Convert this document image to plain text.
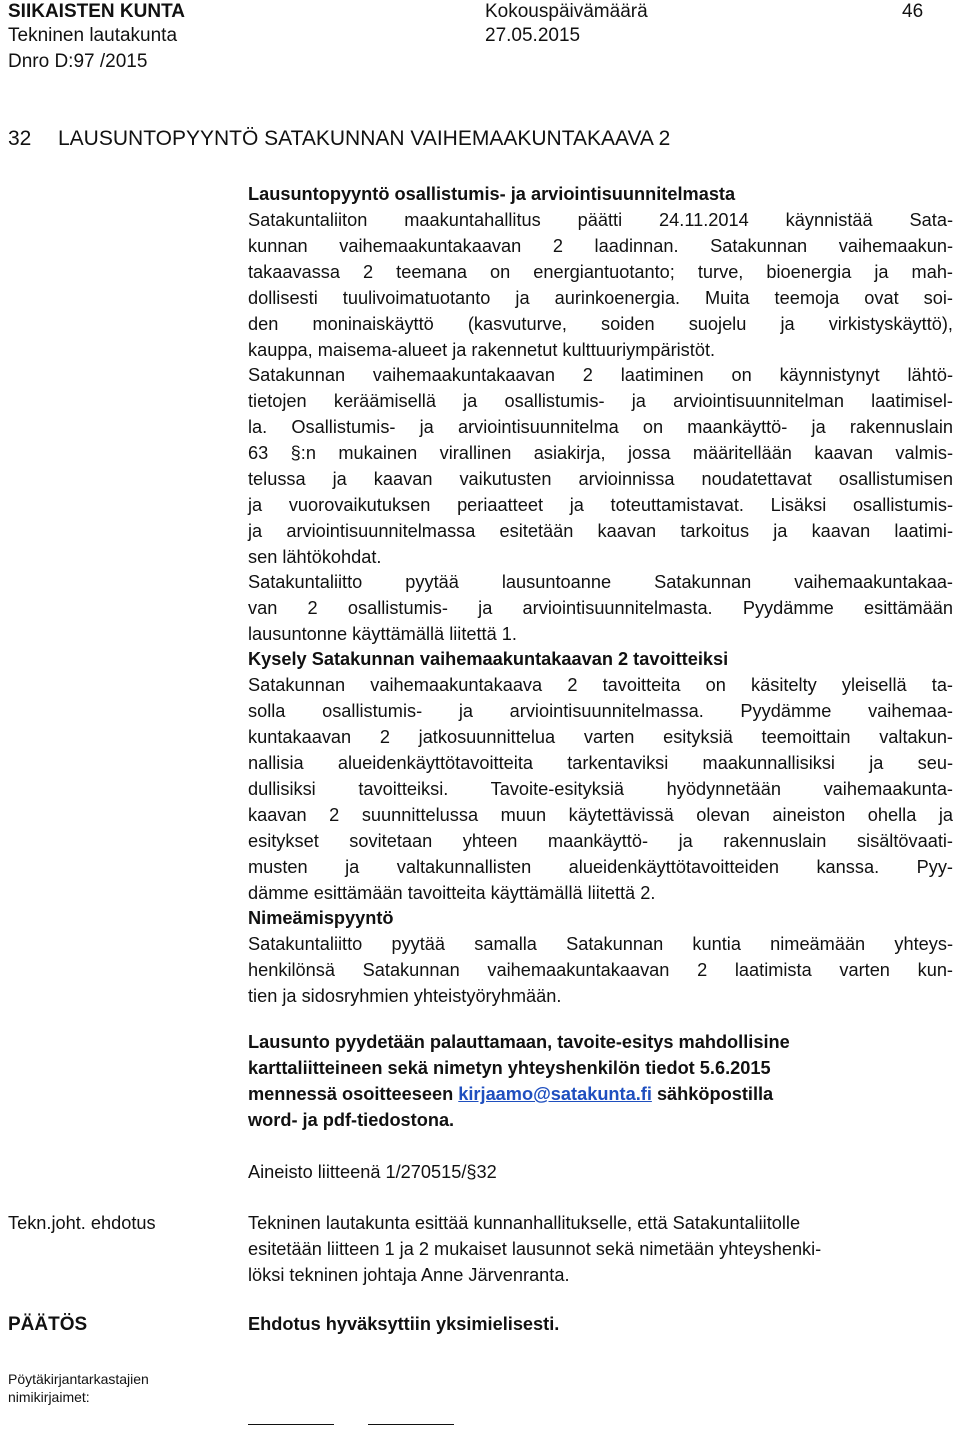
SIIKAISTEN KUNTA
Tekninen lautakunta
Kokouspäivämäärä
27.05.2015
46
Dnro D:97 /2015
32 LAUSUNTOPYYNTÖ SATAKUNNAN VAIHEMAAKUNTAKAAVA 2
Lausuntopyyntö osallistumis- ja arviointisuunnitelmasta
Satakuntaliiton maakuntahallitus päätti 24.11.2014 käynnistää Sata-
kunnan vaihemaakuntakaavan 2 laadinnan. Satakunnan vaihemaakun-
takaavassa 2 teemana on energiantuotanto; turve, bioenergia ja mah-
dollisesti tuulivoimatuotanto ja aurinkoenergia. Muita teemoja ovat soi-
den moninaiskäyttö (kasvuturve, soiden suojelu ja virkistyskäyttö),
kauppa, maisema-alueet ja rakennetut kulttuuriympäristöt.
Satakunnan vaihemaakuntakaavan 2 laatiminen on käynnistynyt lähtö-
tietojen keräämisellä ja osallistumis- ja arviointisuunnitelman laatimisel-
la. Osallistumis- ja arviointisuunnitelma on maankäyttö- ja rakennuslain
63 §:n mukainen virallinen asiakirja, jossa määritellään kaavan valmis-
telussa ja kaavan vaikutusten arvioinnissa noudatettavat osallistumisen
ja vuorovaikutuksen periaatteet ja toteuttamistavat. Lisäksi osallistumis-
ja arviointisuunnitelmassa esitetään kaavan tarkoitus ja kaavan laatimi-
sen lähtökohdat.
Satakuntaliitto pyytää lausuntoanne Satakunnan vaihemaakuntakaa-
van 2 osallistumis- ja arviointisuunnitelmasta. Pyydämme esittämään
lausuntonne käyttämällä liitettä 1.
Kysely Satakunnan vaihemaakuntakaavan 2 tavoitteiksi
Satakunnan vaihemaakuntakaava 2 tavoitteita on käsitelty yleisellä ta-
solla osallistumis- ja arviointisuunnitelmassa. Pyydämme vaihemaa-
kuntakaavan 2 jatkosuunnittelua varten esityksiä teemoittain valtakun-
nallisia alueidenkäyttötavoitteita tarkentaviksi maakunnallisiksi ja seu-
dullisiksi tavoitteiksi. Tavoite-esityksiä hyödynnetään vaihemaakunta-
kaavan 2 suunnittelussa muun käytettävissä olevan aineiston ohella ja
esitykset sovitetaan yhteen maankäyttö- ja rakennuslain sisältövaati-
musten ja valtakunnallisten alueidenkäyttötavoitteiden kanssa. Pyy-
dämme esittämään tavoitteita käyttämällä liitettä 2.
Nimeämispyyntö
Satakuntaliitto pyytää samalla Satakunnan kuntia nimeämään yhteys-
henkilönsä Satakunnan vaihemaakuntakaavan 2 laatimista varten kun-
tien ja sidosryhmien yhteistyöryhmään.
Lausunto pyydetään palauttamaan, tavoite-esitys mahdollisine
karttaliitteineen sekä nimetyn yhteyshenkilön tiedot 5.6.2015
mennessä osoitteeseen kirjaamo@satakunta.fi sähköpostilla
word- ja pdf-tiedostona.
Aineisto liitteenä 1/270515/§32
Tekn.joht. ehdotus	Tekninen lautakunta esittää kunnanhallitukselle, että Satakuntaliitolle
esitetään liitteen 1 ja 2 mukaiset lausunnot sekä nimetään yhteyshenki-
löksi tekninen johtaja Anne Järvenranta.
PÄÄTÖS	Ehdotus hyväksyttiin yksimielisesti.
Pöytäkirjantarkastajien
nimikirjaimet:
